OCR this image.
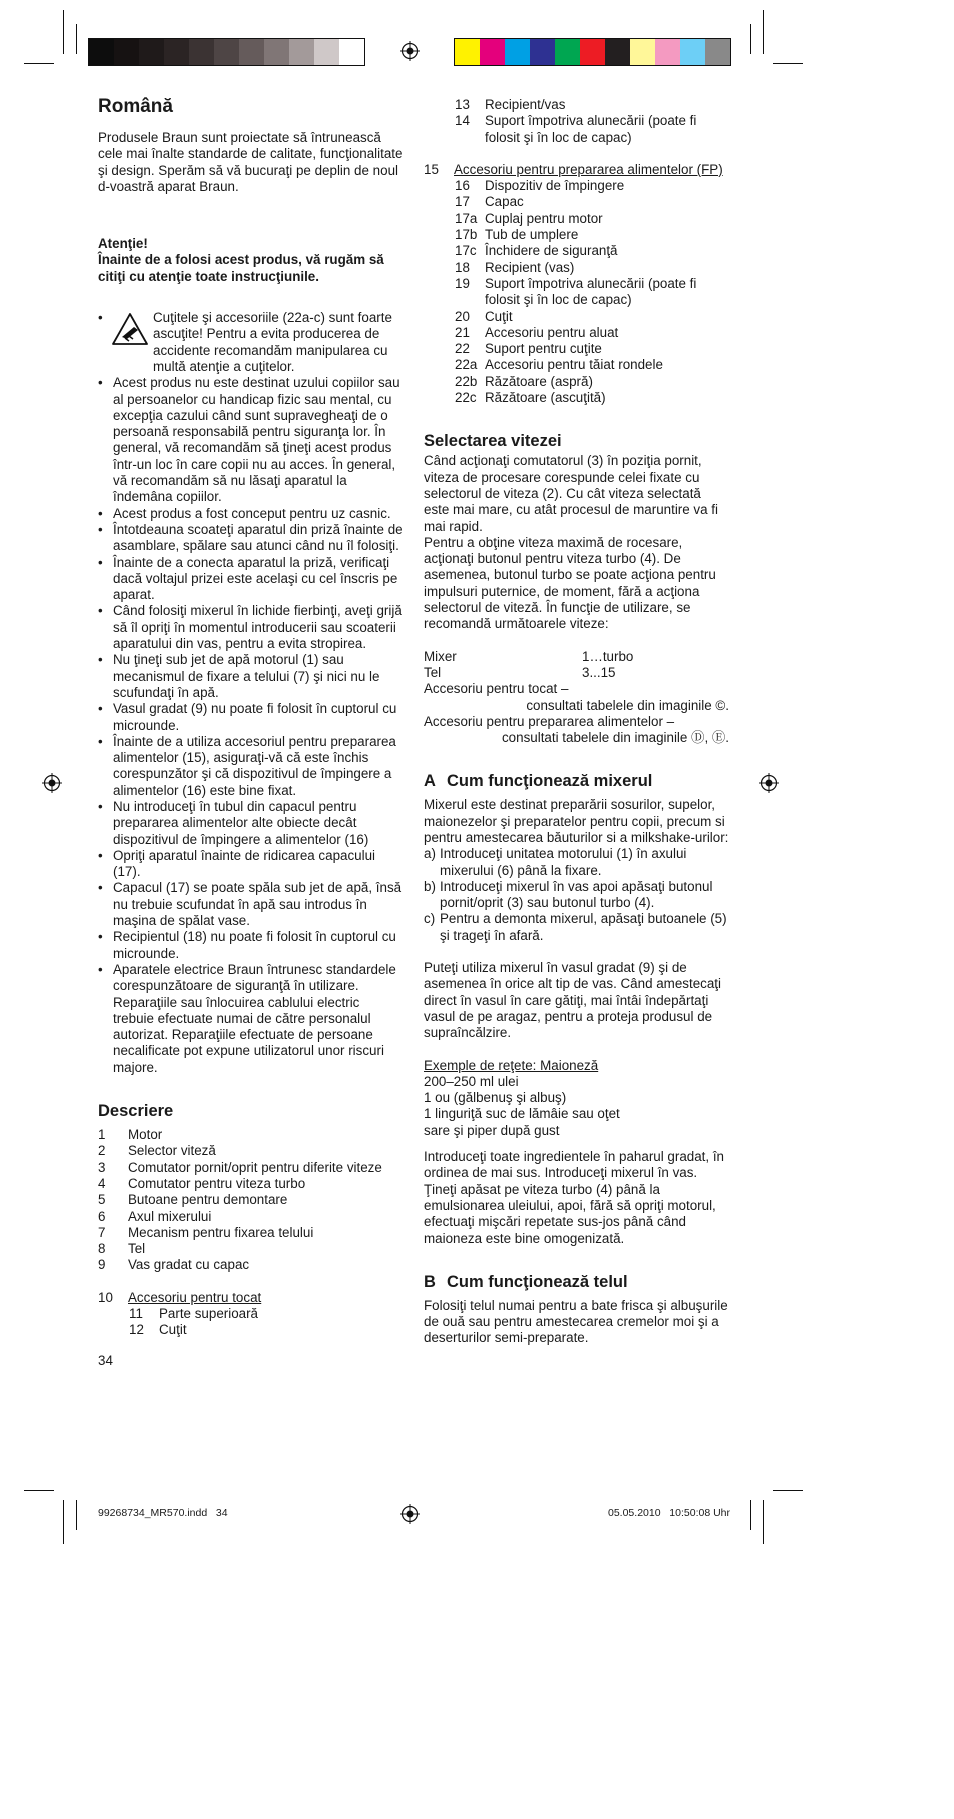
Română

Produsele Braun sunt proiectate să întrunească cele mai înalte standarde de calitate, funcţionalitate şi design. Sperăm să vă bucuraţi pe deplin de noul d-voastră aparat Braun.

Atenţie!

Înainte de a folosi acest produs, vă rugăm să citiţi cu atenţie toate instrucţiunile.

• Cuţitele şi accesoriile (22a-c) sunt foarte ascuţite! Pentru a evita producerea de accidente recomandăm manipularea cu multă atenţie a cuţitelor.
• Acest produs nu este destinat uzului copiilor sau al persoanelor cu handicap fizic sau mental, cu excepţia cazului când sunt supravegheaţi de o persoană responsabilă pentru siguranţa lor. În general, vă recomandăm să ţineţi acest produs într-un loc în care copii nu au acces. În general, vă recomandăm să nu lăsaţi aparatul la îndemâna copiilor.
• Acest produs a fost conceput pentru uz casnic.
• Întotdeauna scoateţi aparatul din priză înainte de asamblare, spălare sau atunci când nu îl folosiţi.
• Înainte de a conecta aparatul la priză, verificaţi dacă voltajul prizei este acelaşi cu cel înscris pe aparat.
• Când folosiţi mixerul în lichide fierbinţi, aveţi grijă să îl opriţi în momentul introducerii sau scoaterii aparatului din vas, pentru a evita stropirea.
• Nu ţineţi sub jet de apă motorul (1) sau mecanismul de fixare a telului (7) şi nici nu le scufundaţi în apă.
• Vasul gradat (9) nu poate fi folosit în cuptorul cu microunde.
• Înainte de a utiliza accesoriul pentru prepararea alimentelor (15), asiguraţi-vă că este închis corespunzător şi că dispozitivul de împingere a alimentelor (16) este bine fixat.
• Nu introduceţi în tubul din capacul pentru prepararea alimentelor alte obiecte decât dispozitivul de împingere a alimentelor (16)
• Opriţi aparatul înainte de ridicarea capacului (17).
• Capacul (17) se poate spăla sub jet de apă, însă nu trebuie scufundat în apă sau introdus în maşina de spălat vase.
• Recipientul (18) nu poate fi folosit în cuptorul cu microunde.
• Aparatele electrice Braun întrunesc standardele corespunzătoare de siguranţă în utilizare. Reparaţiile sau înlocuirea cablului electric trebuie efectuate numai de către personalul autorizat. Reparaţiile efectuate de persoane necalificate pot expune utilizatorul unor riscuri majore.
Descriere
1	Motor
2	Selector viteză
3	Comutator pornit/oprit pentru diferite viteze
4	Comutator pentru viteza turbo
5	Butoane pentru demontare
6	Axul mixerului
7	Mecanism pentru fixarea telului
8	Tel
9	Vas gradat cu capac
10	Accesoriu pentru tocat
11	Parte superioară
12	Cuţit

34

13	Recipient/vas
14	Suport împotriva alunecării (poate fi folosit şi în loc de capac)
15	Accesoriu pentru prepararea alimentelor (FP)
16	Dispozitiv de împingere
17	Capac
17a Cuplaj pentru motor
17b Tub de umplere
17c Închidere de siguranţă
18	Recipient (vas)
19	Suport împotriva alunecării (poate fi folosit şi în loc de capac)
20	Cuţit
21	Accesoriu pentru aluat
22	Suport pentru cuţite
22a Accesoriu pentru tăiat rondele
22b Răzătoare (aspră)
22c Răzătoare (ascuţită)
Selectarea vitezei

Când acţionaţi comutatorul (3) în poziţia pornit, viteza de procesare corespunde celei fixate cu selectorul de viteza (2). Cu cât viteza selectată este mai mare, cu atât procesul de maruntire va fi mai rapid.

Pentru a obţine viteza maximă de rocesare, acţionaţi butonul pentru viteza turbo (4). De asemenea, butonul turbo se poate acţiona pentru impulsuri puternice, de moment, fără a acţiona selectorul de viteză. În funcţie de utilizare, se recomandă următoarele viteze:

Mixer	1…turbo
Tel	3...15

Accesoriu pentru tocat –

consultati tabelele din imaginile ©.

Accesoriu pentru prepararea alimentelor –

consultati tabelele din imaginile Ⓓ, Ⓔ.

A Cum funcţionează mixerul

Mixerul este destinat preparării sosurilor, supelor, maionezelor şi preparatelor pentru copii, precum si pentru amestecarea băuturilor si a milkshake-urilor:

a) Introduceţi unitatea motorului (1) în axului mixerului (6) până la fixare.
b) Introduceţi mixerul în vas apoi apăsaţi butonul pornit/oprit (3) sau butonul turbo (4).
c) Pentru a demonta mixerul, apăsaţi butoanele (5) şi trageţi în afară.

Puteţi utiliza mixerul în vasul gradat (9) şi de asemenea în orice alt tip de vas. Când amestecaţi direct în vasul în care gătiţi, mai întâi îndepărtaţi vasul de pe aragaz, pentru a proteja produsul de supraîncălzire.

Exemple de reţete: Maioneză

200–250 ml ulei

1 ou (gălbenuş şi albuş)

1 linguriţă suc de lămâie sau oţet

sare şi piper după gust

Introduceţi toate ingredientele în paharul gradat, în ordinea de mai sus. Introduceţi mixerul în vas. Ţineţi apăsat pe viteza turbo (4) până la emulsionarea uleiului, apoi, fără să opriţi motorul, efectuaţi mişcări repetate sus-jos până când maioneza este bine omogenizată.

B Cum funcţionează telul

Folosiţi telul numai pentru a bate frisca şi albuşurile de ouă sau pentru amestecarea cremelor moi şi a deserturilor semi-preparate.

99268734_MR570.indd   34	05.05.2010   10:50:08 Uhr
